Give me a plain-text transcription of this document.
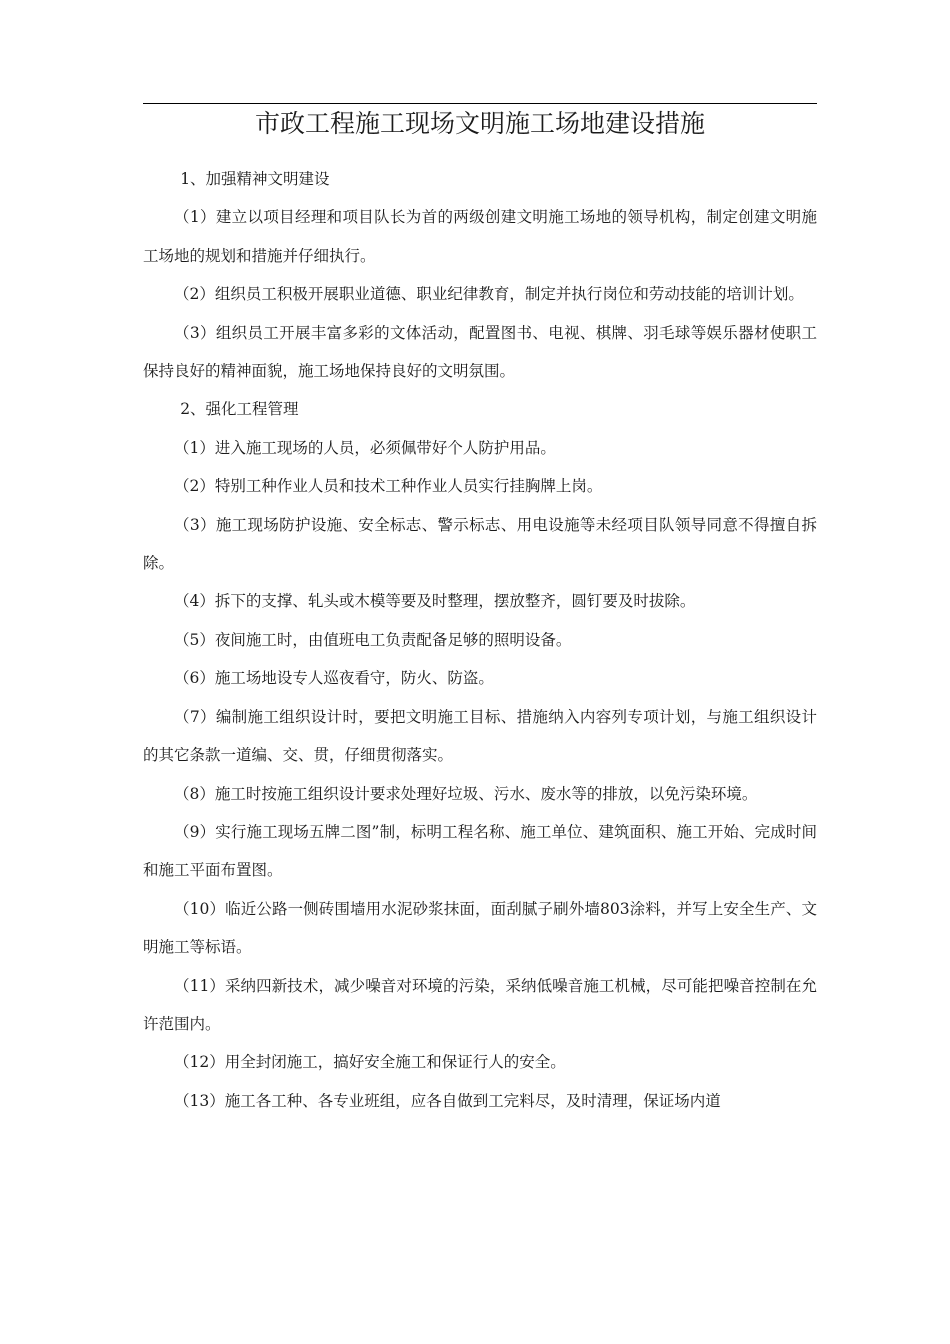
市政工程施工现场文明施工场地建设措施

1、加强精神文明建设

（1）建立以项目经理和项目队长为首的两级创建文明施工场地的领导机构，制定创建文明施工场地的规划和措施并仔细执行。

（2）组织员工积极开展职业道德、职业纪律教育，制定并执行岗位和劳动技能的培训计划。

（3）组织员工开展丰富多彩的文体活动，配置图书、电视、棋牌、羽毛球等娱乐器材使职工保持良好的精神面貌，施工场地保持良好的文明氛围。

2、强化工程管理

（1）进入施工现场的人员，必须佩带好个人防护用品。

（2）特别工种作业人员和技术工种作业人员实行挂胸牌上岗。

（3）施工现场防护设施、安全标志、警示标志、用电设施等未经项目队领导同意不得擅自拆除。

（4）拆下的支撑、轧头或木模等要及时整理，摆放整齐，圆钉要及时拔除。

（5）夜间施工时，由值班电工负责配备足够的照明设备。

（6）施工场地设专人巡夜看守，防火、防盗。

（7）编制施工组织设计时，要把文明施工目标、措施纳入内容列专项计划，与施工组织设计的其它条款一道编、交、贯，仔细贯彻落实。

（8）施工时按施工组织设计要求处理好垃圾、污水、废水等的排放，以免污染环境。

（9）实行施工现场五牌二图”制，标明工程名称、施工单位、建筑面积、施工开始、完成时间和施工平面布置图。

（10）临近公路一侧砖围墙用水泥砂浆抹面，面刮腻子刷外墙803涂料，并写上安全生产、文明施工等标语。

（11）采纳四新技术，减少噪音对环境的污染，采纳低噪音施工机械，尽可能把噪音控制在允许范围内。

（12）用全封闭施工，搞好安全施工和保证行人的安全。

（13）施工各工种、各专业班组，应各自做到工完料尽，及时清理，保证场内道
